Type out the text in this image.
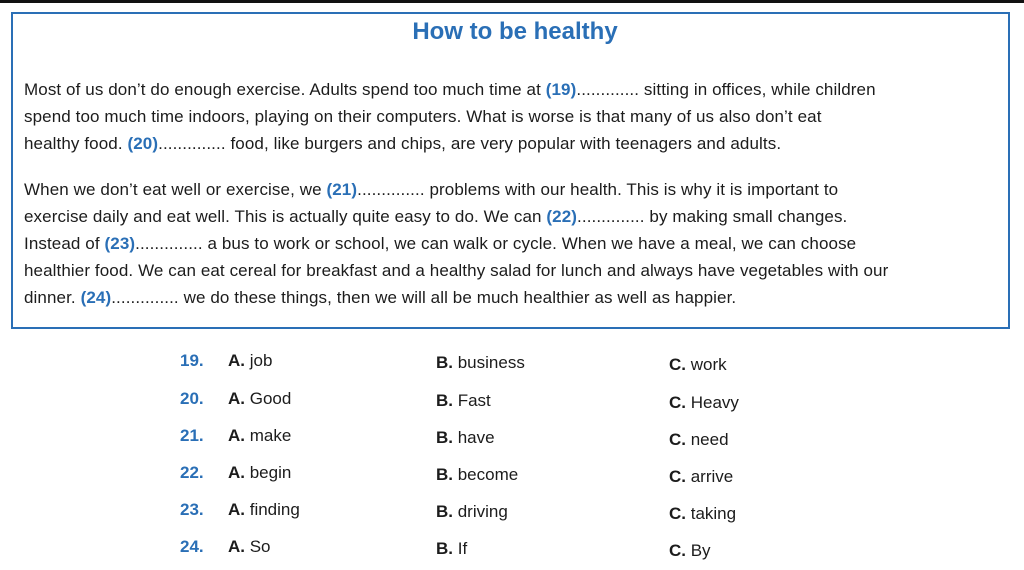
How to be healthy
Most of us don’t do enough exercise. Adults spend too much time at (19)............. sitting in offices, while children
spend too much time indoors, playing on their computers. What is worse is that many of us also don’t eat
healthy food. (20).............. food, like burgers and chips, are very popular with teenagers and adults.
When we don’t eat well or exercise, we (21).............. problems with our health. This is why it is important to
exercise daily and eat well. This is actually quite easy to do. We can (22).............. by making small changes.
Instead of (23).............. a bus to work or school, we can walk or cycle. When we have a meal, we can choose
healthier food. We can eat cereal for breakfast and a healthy salad for lunch and always have vegetables with our
dinner. (24).............. we do these things, then we will all be much healthier as well as happier.
19. A. job	B. business	C. work
20. A. Good	B. Fast	C. Heavy
21. A. make	B. have	C. need
22. A. begin	B. become	C. arrive
23. A. finding	B. driving	C. taking
24. A. So	B. If	C. By
